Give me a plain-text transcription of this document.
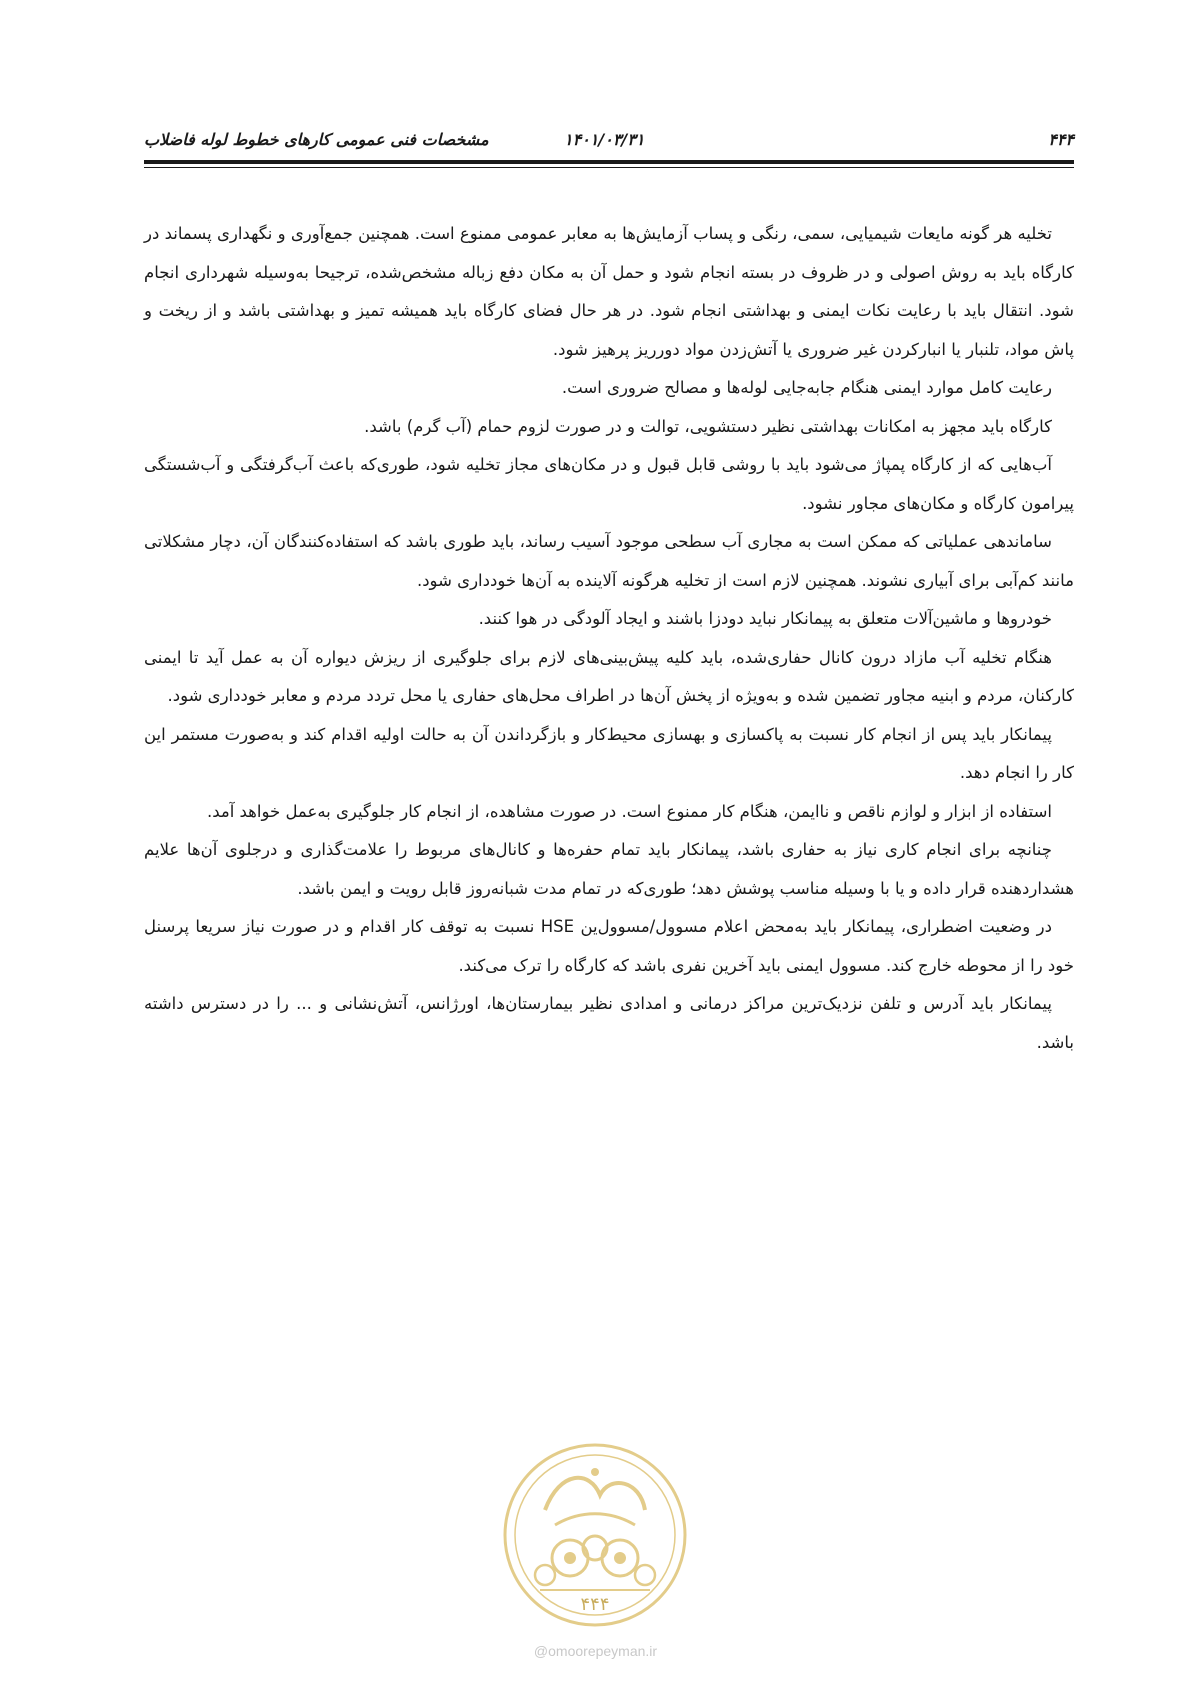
۴۴۴
۱۴۰۱/۰۳/۳۱
مشخصات فنی عمومی کارهای خطوط لوله فاضلاب

تخلیه هر گونه مایعات شیمیایی، سمی، رنگی و پساب آزمایش‌ها به معابر عمومی ممنوع است. همچنین جمع‌آوری و نگهداری پسماند در کارگاه باید به روش اصولی و در ظروف در بسته انجام شود و حمل آن به مکان دفع زباله مشخص‌شده، ترجیحا به‌وسیله شهرداری انجام شود. انتقال باید با رعایت نکات ایمنی و بهداشتی انجام شود. در هر حال فضای کارگاه باید همیشه تمیز و بهداشتی باشد و از ریخت و پاش مواد، تلنبار یا انبارکردن غیر ضروری یا آتش‌زدن مواد دورریز پرهیز شود.

رعایت کامل موارد ایمنی هنگام جابه‌جایی لوله‌ها و مصالح ضروری است.

کارگاه باید مجهز به امکانات بهداشتی نظیر دستشویی، توالت و در صورت لزوم حمام (آب گرم) باشد.

آب‌هایی که از کارگاه پمپاژ می‌شود باید با روشی قابل قبول و در مکان‌های مجاز تخلیه شود، طوری‌که باعث آب‌گرفتگی و آب‌شستگی پیرامون کارگاه و مکان‌های مجاور نشود.

ساماندهی عملیاتی که ممکن است به مجاری آب سطحی موجود آسیب رساند، باید طوری باشد که استفاده‌کنندگان آن، دچار مشکلاتی مانند کم‌آبی برای آبیاری نشوند. همچنین لازم است از تخلیه هرگونه آلاینده به آن‌ها خودداری شود.

خودروها و ماشین‌آلات متعلق به پیمانکار نباید دودزا باشند و ایجاد آلودگی در هوا کنند.

هنگام تخلیه آب مازاد درون کانال حفاری‌شده، باید کلیه پیش‌بینی‌های لازم برای جلوگیری از ریزش دیواره آن به عمل آید تا ایمنی کارکنان، مردم و ابنیه مجاور تضمین شده و به‌ویژه از پخش آن‌ها در اطراف محل‌های حفاری یا محل تردد مردم و معابر خودداری شود.

پیمانکار باید پس از انجام کار نسبت به پاکسازی و بهسازی محیط‌کار و بازگرداندن آن به حالت اولیه اقدام کند و به‌صورت مستمر این کار را انجام دهد.

استفاده از ابزار و لوازم ناقص و ناایمن، هنگام کار ممنوع است. در صورت مشاهده، از انجام کار جلوگیری به‌عمل خواهد آمد.

چنانچه برای انجام کاری نیاز به حفاری باشد، پیمانکار باید تمام حفره‌ها و کانال‌های مربوط را علامت‌گذاری و درجلوی آن‌ها علایم هشداردهنده قرار داده و یا با وسیله مناسب پوشش دهد؛ طوری‌که در تمام مدت شبانه‌روز قابل رویت و ایمن باشد.

در وضعیت اضطراری، پیمانکار باید به‌محض اعلام مسوول/مسوول‌ین HSE نسبت به توقف کار اقدام و در صورت نیاز سریعا پرسنل خود را از محوطه خارج کند. مسوول ایمنی باید آخرین نفری باشد که کارگاه را ترک می‌کند.

پیمانکار باید آدرس و تلفن نزدیک‌ترین مراکز درمانی و امدادی نظیر بیمارستان‌ها، اورژانس، آتش‌نشانی و ... را در دسترس داشته باشد.

۴۴۴
@omoorepeyman.ir
